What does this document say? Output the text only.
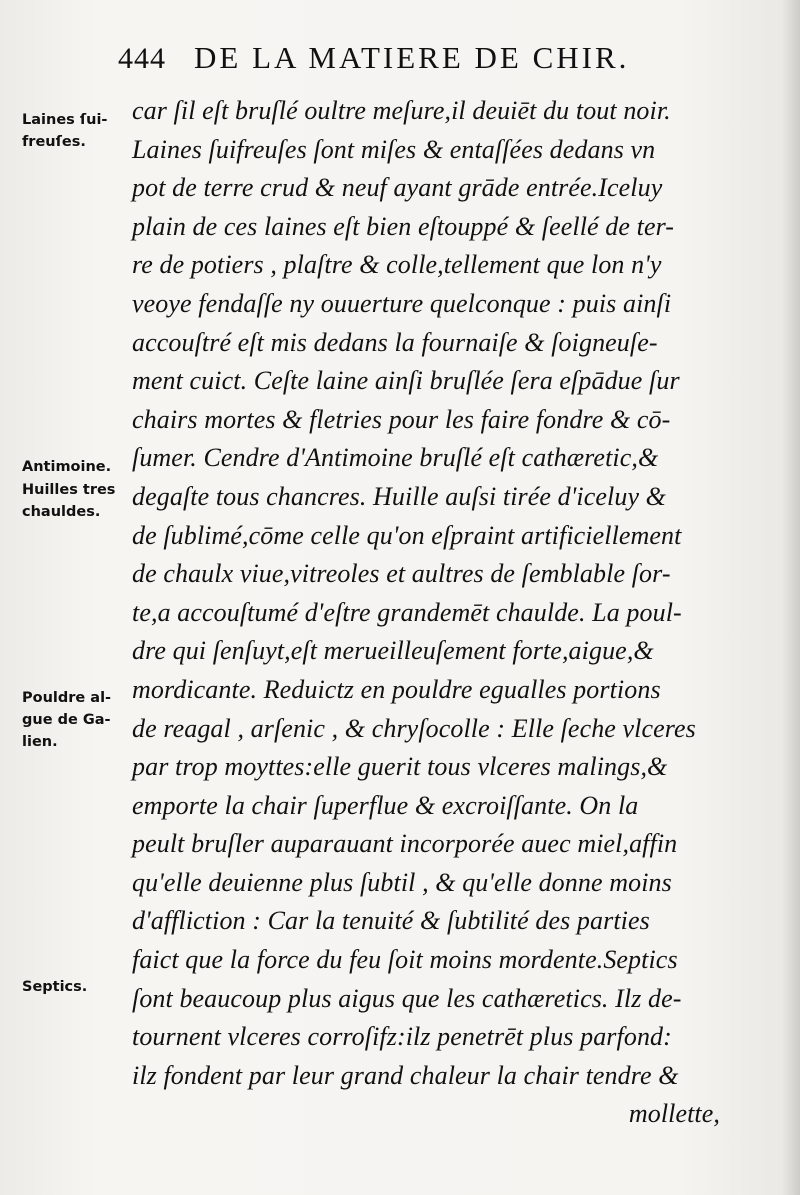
444 DE LA MATIERE DE CHIR.
Laines ſui-
freuſes.
Antimoine.
Huilles tres
chauldes.
Pouldre al-
gue de Ga-
lien.
Septics.
car ſil eſt bruſlé oultre meſure,il deuiēt du tout noir.
Laines ſuifreuſes ſont miſes & entaſſées dedans vn
pot de terre crud & neuf ayant grāde entrée.Iceluy
plain de ces laines eſt bien eſtouppé & ſeellé de ter-
re de potiers , plaſtre & colle,tellement que lon n'y
veoye fendaſſe ny ouuerture quelconque : puis ainſi
accouſtré eſt mis dedans la fournaiſe & ſoigneuſe-
ment cuict. Ceſte laine ainſi bruſlée ſera eſpādue ſur
chairs mortes & fletries pour les faire fondre & cō-
ſumer. Cendre d'Antimoine bruſlé eſt cathæretic,&
degaſte tous chancres. Huille auſsi tirée d'iceluy &
de ſublimé,cōme celle qu'on eſpraint artificiellement
de chaulx viue,vitreoles et aultres de ſemblable ſor-
te,a accouſtumé d'eſtre grandemēt chaulde. La poul-
dre qui ſenſuyt,eſt merueilleuſement forte,aigue,&
mordicante. Reduictz en pouldre egualles portions
de reagal , arſenic , & chryſocolle : Elle ſeche vlceres
par trop moyttes:elle guerit tous vlceres malings,&
emporte la chair ſuperflue & excroiſſante. On la
peult bruſler auparauant incorporée auec miel,affin
qu'elle deuienne plus ſubtil , & qu'elle donne moins
d'affliction : Car la tenuité & ſubtilité des parties
faict que la force du feu ſoit moins mordente.Septics
ſont beaucoup plus aigus que les cathæretics. Ilz de-
tournent vlceres corroſifz:ilz penetrēt plus parfond:
ilz fondent par leur grand chaleur la chair tendre &
mollette,
